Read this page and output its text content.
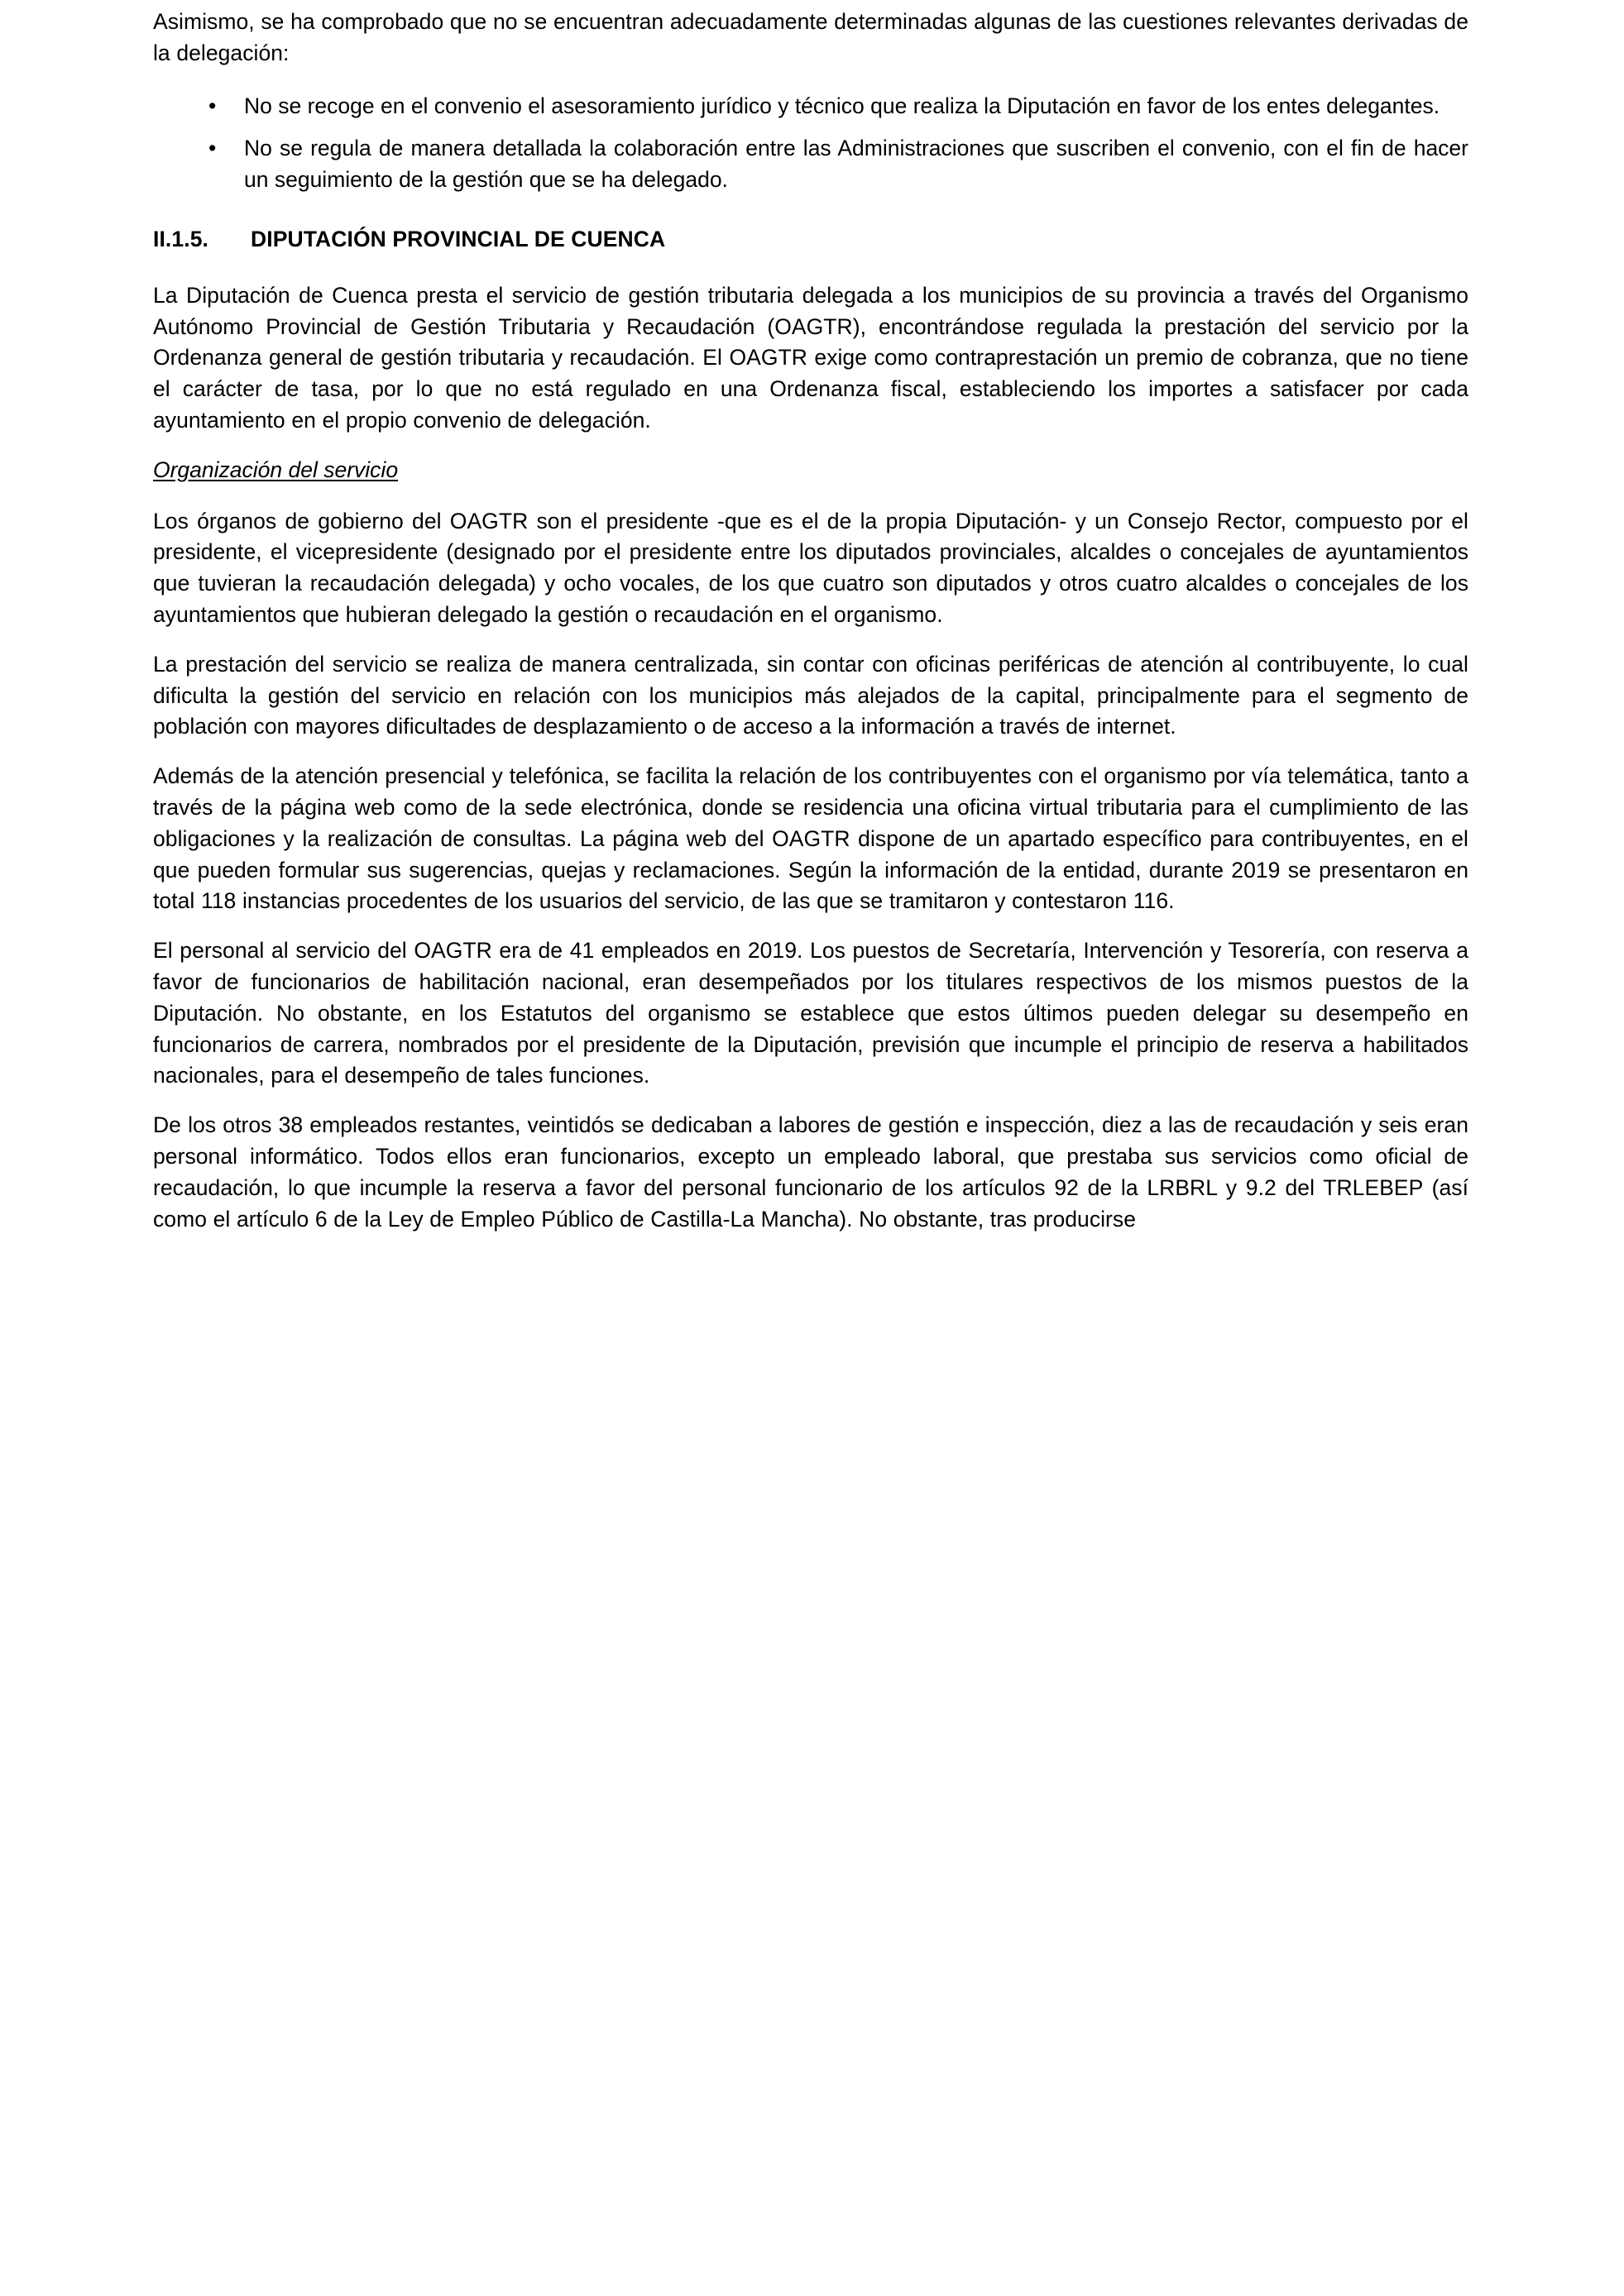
Asimismo, se ha comprobado que no se encuentran adecuadamente determinadas algunas de las cuestiones relevantes derivadas de la delegación:

• No se recoge en el convenio el asesoramiento jurídico y técnico que realiza la Diputación en favor de los entes delegantes.
• No se regula de manera detallada la colaboración entre las Administraciones que suscriben el convenio, con el fin de hacer un seguimiento de la gestión que se ha delegado.
II.1.5. DIPUTACIÓN PROVINCIAL DE CUENCA

La Diputación de Cuenca presta el servicio de gestión tributaria delegada a los municipios de su provincia a través del Organismo Autónomo Provincial de Gestión Tributaria y Recaudación (OAGTR), encontrándose regulada la prestación del servicio por la Ordenanza general de gestión tributaria y recaudación. El OAGTR exige como contraprestación un premio de cobranza, que no tiene el carácter de tasa, por lo que no está regulado en una Ordenanza fiscal, estableciendo los importes a satisfacer por cada ayuntamiento en el propio convenio de delegación.

Organización del servicio

Los órganos de gobierno del OAGTR son el presidente -que es el de la propia Diputación- y un Consejo Rector, compuesto por el presidente, el vicepresidente (designado por el presidente entre los diputados provinciales, alcaldes o concejales de ayuntamientos que tuvieran la recaudación delegada) y ocho vocales, de los que cuatro son diputados y otros cuatro alcaldes o concejales de los ayuntamientos que hubieran delegado la gestión o recaudación en el organismo.

La prestación del servicio se realiza de manera centralizada, sin contar con oficinas periféricas de atención al contribuyente, lo cual dificulta la gestión del servicio en relación con los municipios más alejados de la capital, principalmente para el segmento de población con mayores dificultades de desplazamiento o de acceso a la información a través de internet.

Además de la atención presencial y telefónica, se facilita la relación de los contribuyentes con el organismo por vía telemática, tanto a través de la página web como de la sede electrónica, donde se residencia una oficina virtual tributaria para el cumplimiento de las obligaciones y la realización de consultas. La página web del OAGTR dispone de un apartado específico para contribuyentes, en el que pueden formular sus sugerencias, quejas y reclamaciones. Según la información de la entidad, durante 2019 se presentaron en total 118 instancias procedentes de los usuarios del servicio, de las que se tramitaron y contestaron 116.

El personal al servicio del OAGTR era de 41 empleados en 2019. Los puestos de Secretaría, Intervención y Tesorería, con reserva a favor de funcionarios de habilitación nacional, eran desempeñados por los titulares respectivos de los mismos puestos de la Diputación. No obstante, en los Estatutos del organismo se establece que estos últimos pueden delegar su desempeño en funcionarios de carrera, nombrados por el presidente de la Diputación, previsión que incumple el principio de reserva a habilitados nacionales, para el desempeño de tales funciones.

De los otros 38 empleados restantes, veintidós se dedicaban a labores de gestión e inspección, diez a las de recaudación y seis eran personal informático. Todos ellos eran funcionarios, excepto un empleado laboral, que prestaba sus servicios como oficial de recaudación, lo que incumple la reserva a favor del personal funcionario de los artículos 92 de la LRBRL y 9.2 del TRLEBEP (así como el artículo 6 de la Ley de Empleo Público de Castilla-La Mancha). No obstante, tras producirse
